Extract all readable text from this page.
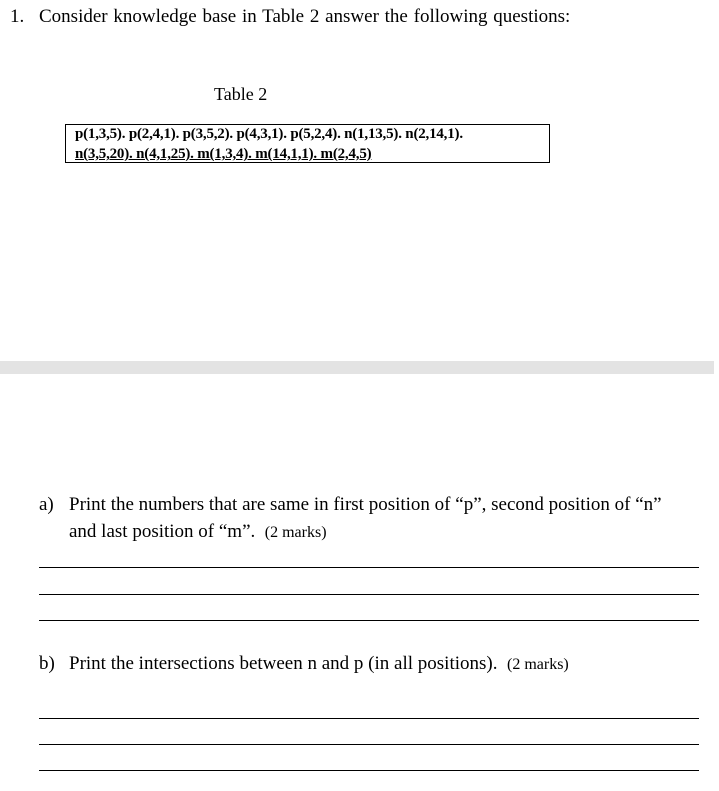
1. Consider knowledge base in Table 2 answer the following questions:
Table 2
p(1,3,5). p(2,4,1). p(3,5,2). p(4,3,1). p(5,2,4). n(1,13,5). n(2,14,1).
n(3,5,20). n(4,1,25). m(1,3,4). m(14,1,1). m(2,4,5)
a) Print the numbers that are same in first position of “p”, second position of “n”
and last position of “m”. (2 marks)
b) Print the intersections between n and p (in all positions). (2 marks)
